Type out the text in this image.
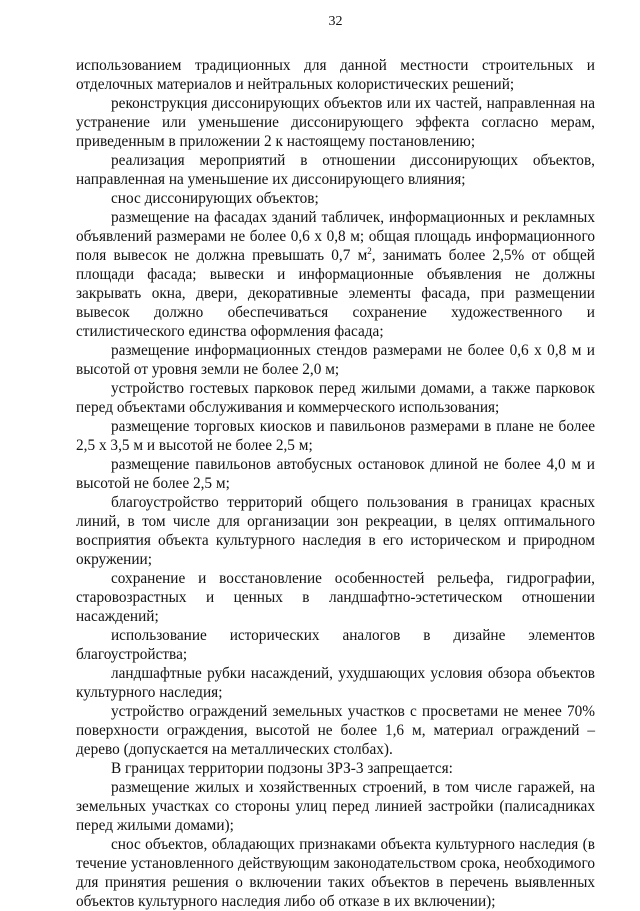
32

использованием традиционных для данной местности строительных и отделочных материалов и нейтральных колористических решений;

реконструкция диссонирующих объектов или их частей, направленная на устранение или уменьшение диссонирующего эффекта согласно мерам, приведенным в приложении 2 к настоящему постановлению;

реализация мероприятий в отношении диссонирующих объектов, направленная на уменьшение их диссонирующего влияния;

снос диссонирующих объектов;

размещение на фасадах зданий табличек, информационных и рекламных объявлений размерами не более 0,6 х 0,8 м; общая площадь информационного поля вывесок не должна превышать 0,7 $м^2$, занимать более 2,5% от общей площади фасада; вывески и информационные объявления не должны закрывать окна, двери, декоративные элементы фасада, при размещении вывесок должно обеспечиваться сохранение художественного и стилистического единства оформления фасада;

размещение информационных стендов размерами не более 0,6 х 0,8 м и высотой от уровня земли не более 2,0 м;

устройство гостевых парковок перед жилыми домами, а также парковок перед объектами обслуживания и коммерческого использования;

размещение торговых киосков и павильонов размерами в плане не более 2,5 х 3,5 м и высотой не более 2,5 м;

размещение павильонов автобусных остановок длиной не более 4,0 м и высотой не более 2,5 м;

благоустройство территорий общего пользования в границах красных линий, в том числе для организации зон рекреации, в целях оптимального восприятия объекта культурного наследия в его историческом и природном окружении;

сохранение и восстановление особенностей рельефа, гидрографии, старовозрастных и ценных в ландшафтно-эстетическом отношении насаждений;

использование исторических аналогов в дизайне элементов благоустройства;

ландшафтные рубки насаждений, ухудшающих условия обзора объектов культурного наследия;

устройство ограждений земельных участков с просветами не менее 70% поверхности ограждения, высотой не более 1,6 м, материал ограждений – дерево (допускается на металлических столбах).

В границах территории подзоны ЗРЗ-3 запрещается:

размещение жилых и хозяйственных строений, в том числе гаражей, на земельных участках со стороны улиц перед линией застройки (палисадниках перед жилыми домами);

снос объектов, обладающих признаками объекта культурного наследия (в течение установленного действующим законодательством срока, необходимого для принятия решения о включении таких объектов в перечень выявленных объектов культурного наследия либо об отказе в их включении);
